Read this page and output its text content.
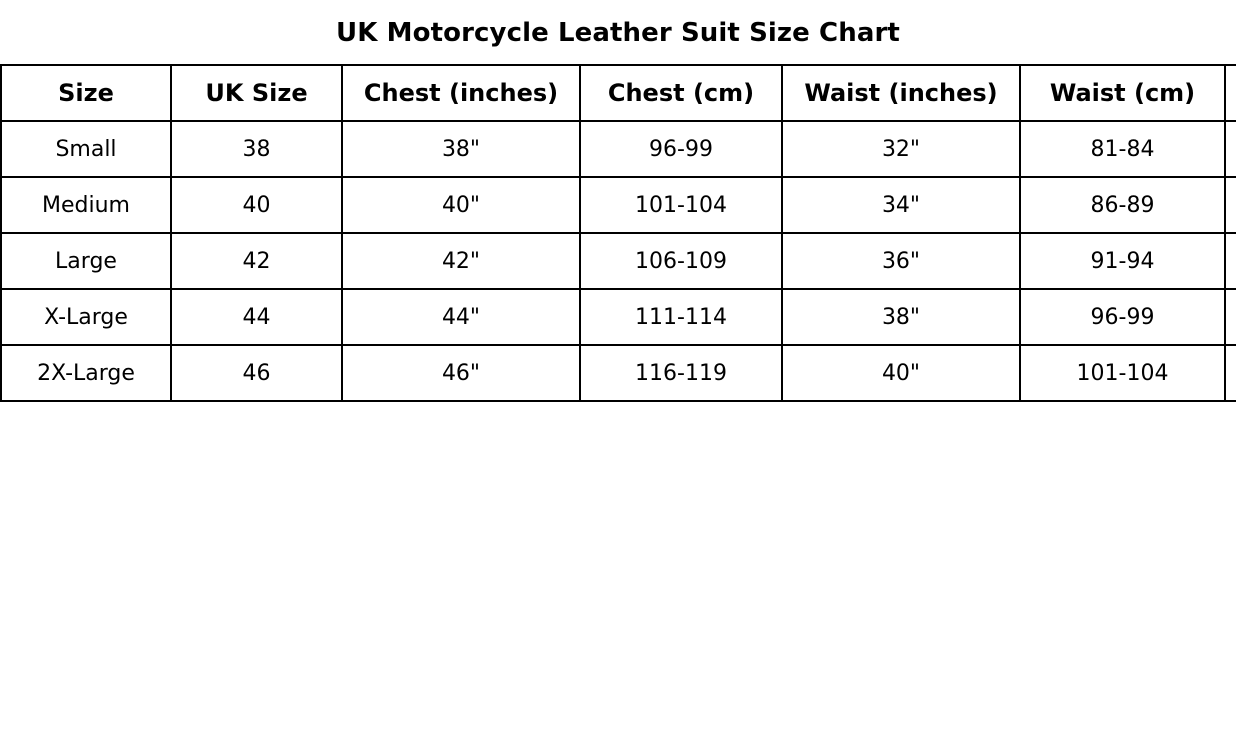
UK Motorcycle Leather Suit Size Chart
Size	UK Size	Chest (inches)	Chest (cm)	Waist (inches)	Waist (cm)	
Small	38	38"	96-99	32"	81-84	
Medium	40	40"	101-104	34"	86-89	
Large	42	42"	106-109	36"	91-94	
X-Large	44	44"	111-114	38"	96-99	
2X-Large	46	46"	116-119	40"	101-104	
